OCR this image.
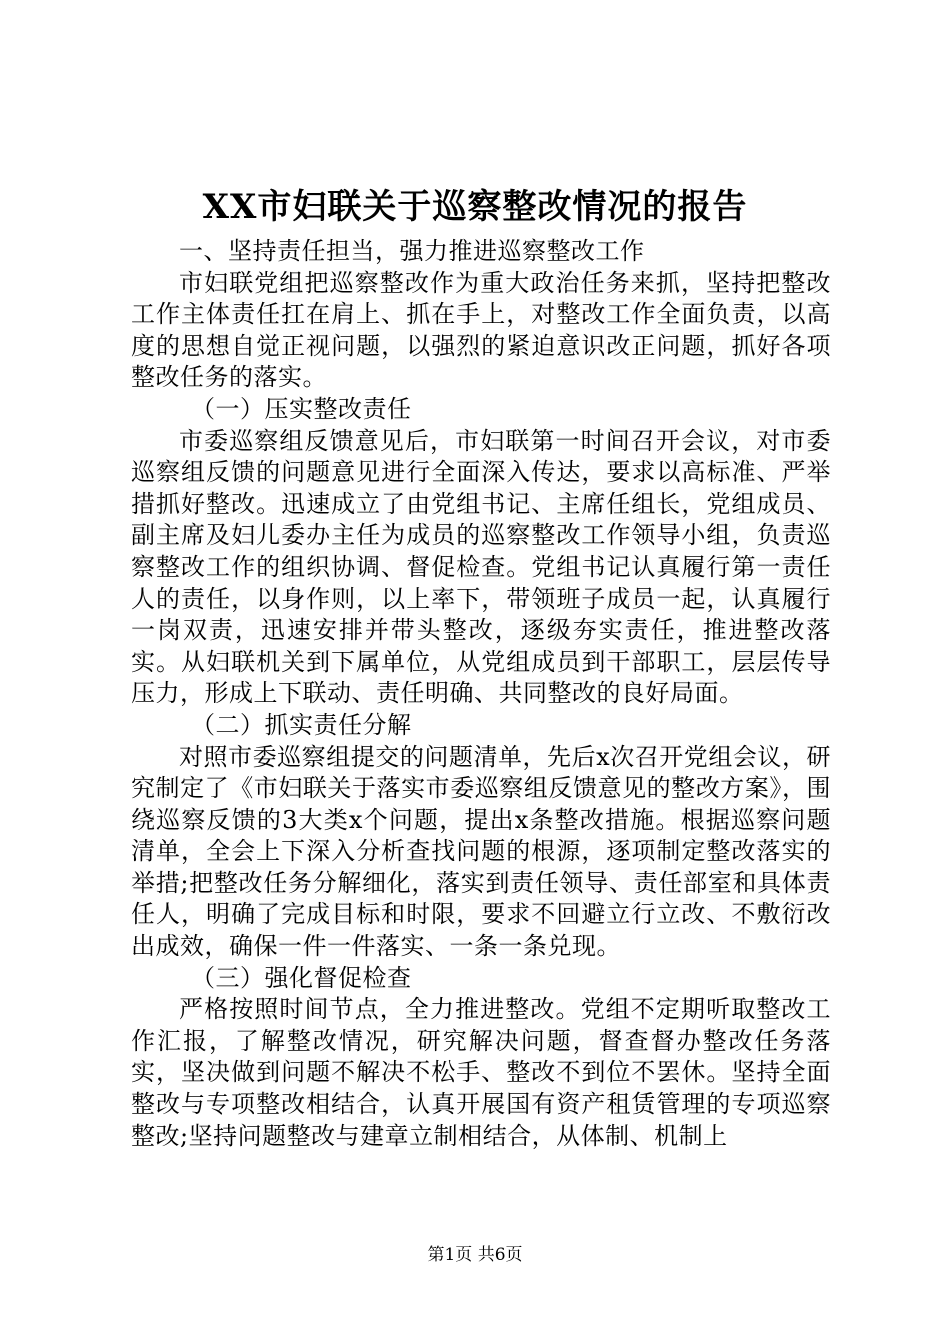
XX市妇联关于巡察整改情况的报告

一、坚持责任担当，强力推进巡察整改工作

市妇联党组把巡察整改作为重大政治任务来抓，坚持把整改工作主体责任扛在肩上、抓在手上，对整改工作全面负责，以高度的思想自觉正视问题，以强烈的紧迫意识改正问题，抓好各项整改任务的落实。

（一）压实整改责任

市委巡察组反馈意见后，市妇联第一时间召开会议，对市委巡察组反馈的问题意见进行全面深入传达，要求以高标准、严举措抓好整改。迅速成立了由党组书记、主席任组长，党组成员、副主席及妇儿委办主任为成员的巡察整改工作领导小组，负责巡察整改工作的组织协调、督促检查。党组书记认真履行第一责任人的责任，以身作则，以上率下，带领班子成员一起，认真履行一岗双责，迅速安排并带头整改，逐级夯实责任，推进整改落实。从妇联机关到下属单位，从党组成员到干部职工，层层传导压力，形成上下联动、责任明确、共同整改的良好局面。

（二）抓实责任分解

对照市委巡察组提交的问题清单，先后x次召开党组会议，研究制定了《市妇联关于落实市委巡察组反馈意见的整改方案》，围绕巡察反馈的3大类x个问题，提出x条整改措施。根据巡察问题清单，全会上下深入分析查找问题的根源，逐项制定整改落实的举措;把整改任务分解细化，落实到责任领导、责任部室和具体责任人，明确了完成目标和时限，要求不回避立行立改、不敷衍改出成效，确保一件一件落实、一条一条兑现。

（三）强化督促检查

严格按照时间节点，全力推进整改。党组不定期听取整改工作汇报，了解整改情况，研究解决问题，督查督办整改任务落实，坚决做到问题不解决不松手、整改不到位不罢休。坚持全面整改与专项整改相结合，认真开展国有资产租赁管理的专项巡察整改;坚持问题整改与建章立制相结合，从体制、机制上

第1页 共6页
